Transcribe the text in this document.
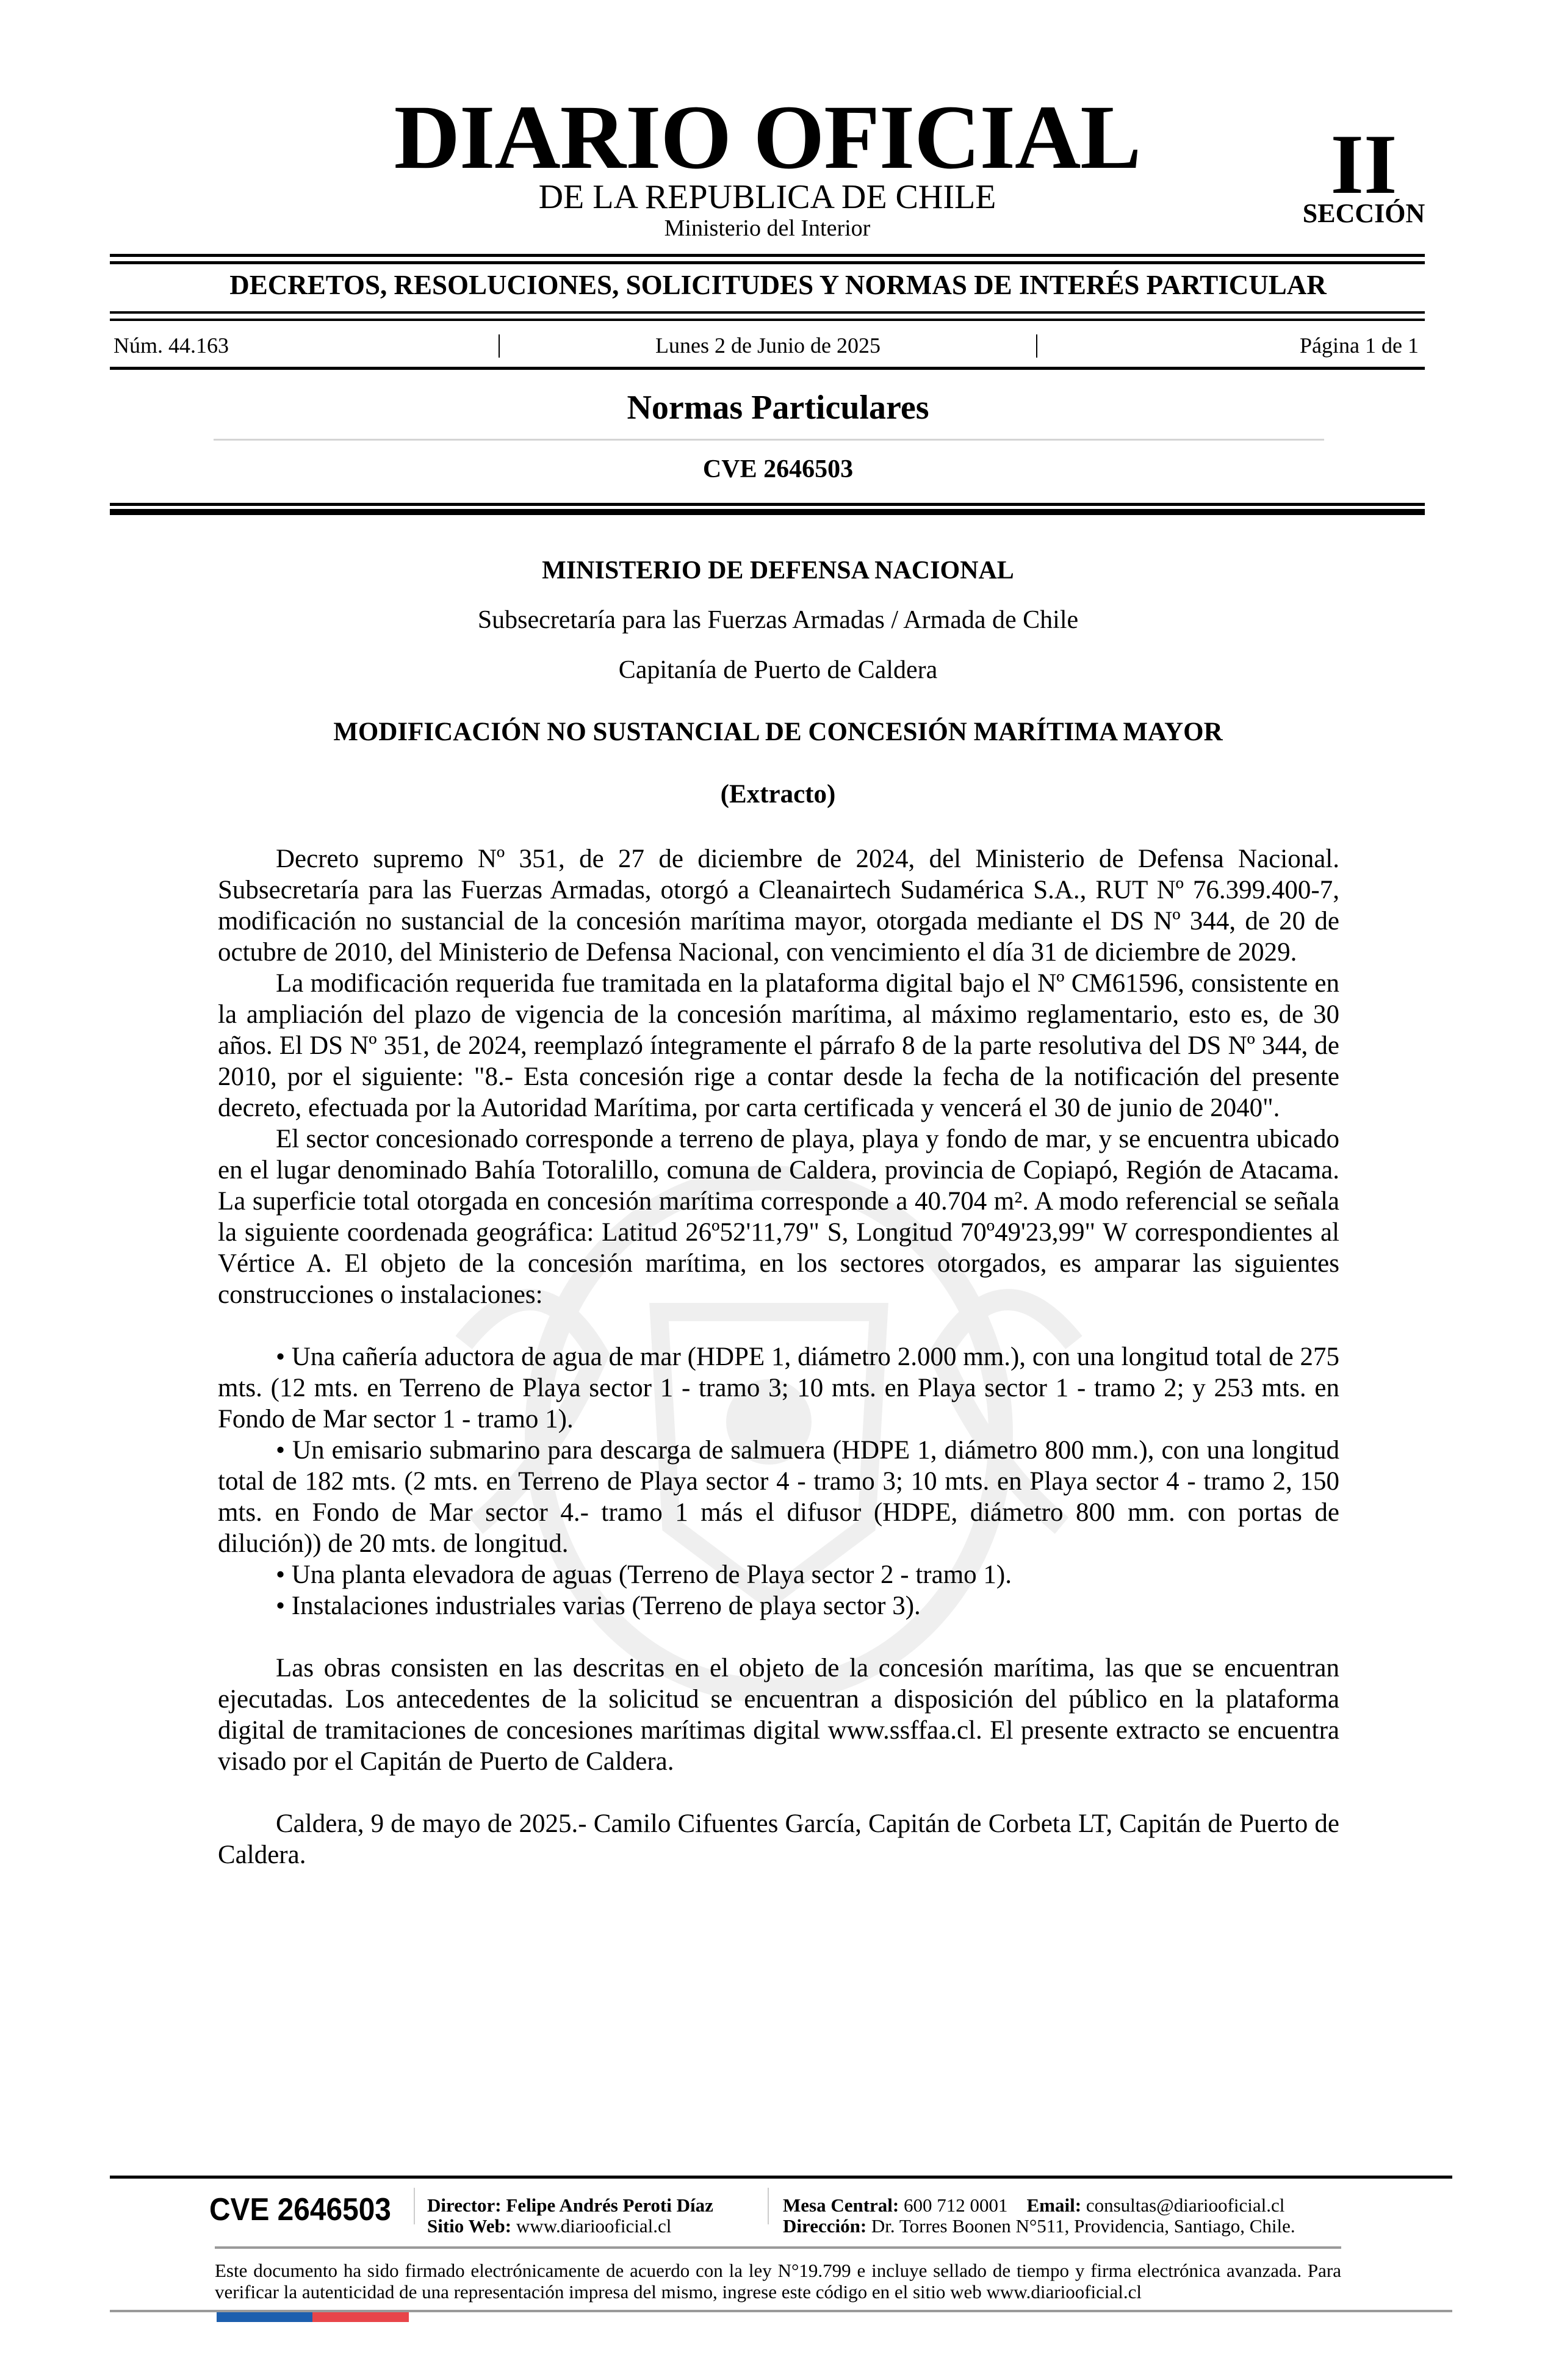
DIARIO OFICIAL
DE LA REPUBLICA DE CHILE
Ministerio del Interior
II
SECCIÓN
DECRETOS, RESOLUCIONES, SOLICITUDES Y NORMAS DE INTERÉS PARTICULAR
Núm. 44.163	Lunes 2 de Junio de 2025	Página 1 de 1
Normas Particulares
CVE 2646503
MINISTERIO DE DEFENSA NACIONAL
Subsecretaría para las Fuerzas Armadas / Armada de Chile
Capitanía de Puerto de Caldera
MODIFICACIÓN NO SUSTANCIAL DE CONCESIÓN MARÍTIMA MAYOR
(Extracto)

Decreto supremo Nº 351, de 27 de diciembre de 2024, del Ministerio de Defensa Nacional. Subsecretaría para las Fuerzas Armadas, otorgó a Cleanairtech Sudamérica S.A., RUT Nº 76.399.400-7, modificación no sustancial de la concesión marítima mayor, otorgada mediante el DS Nº 344, de 20 de octubre de 2010, del Ministerio de Defensa Nacional, con vencimiento el día 31 de diciembre de 2029.

La modificación requerida fue tramitada en la plataforma digital bajo el Nº CM61596, consistente en la ampliación del plazo de vigencia de la concesión marítima, al máximo reglamentario, esto es, de 30 años. El DS Nº 351, de 2024, reemplazó íntegramente el párrafo 8 de la parte resolutiva del DS Nº 344, de 2010, por el siguiente: "8.- Esta concesión rige a contar desde la fecha de la notificación del presente decreto, efectuada por la Autoridad Marítima, por carta certificada y vencerá el 30 de junio de 2040".

El sector concesionado corresponde a terreno de playa, playa y fondo de mar, y se encuentra ubicado en el lugar denominado Bahía Totoralillo, comuna de Caldera, provincia de Copiapó, Región de Atacama. La superficie total otorgada en concesión marítima corresponde a 40.704 m². A modo referencial se señala la siguiente coordenada geográfica: Latitud 26º52'11,79" S, Longitud 70º49'23,99" W correspondientes al Vértice A. El objeto de la concesión marítima, en los sectores otorgados, es amparar las siguientes construcciones o instalaciones:

• Una cañería aductora de agua de mar (HDPE 1, diámetro 2.000 mm.), con una longitud total de 275 mts. (12 mts. en Terreno de Playa sector 1 - tramo 3; 10 mts. en Playa sector 1 - tramo 2; y 253 mts. en Fondo de Mar sector 1 - tramo 1).

• Un emisario submarino para descarga de salmuera (HDPE 1, diámetro 800 mm.), con una longitud total de 182 mts. (2 mts. en Terreno de Playa sector 4 - tramo 3; 10 mts. en Playa sector 4 - tramo 2, 150 mts. en Fondo de Mar sector 4.- tramo 1 más el difusor (HDPE, diámetro 800 mm. con portas de dilución)) de 20 mts. de longitud.

• Una planta elevadora de aguas (Terreno de Playa sector 2 - tramo 1).

• Instalaciones industriales varias (Terreno de playa sector 3).

Las obras consisten en las descritas en el objeto de la concesión marítima, las que se encuentran ejecutadas. Los antecedentes de la solicitud se encuentran a disposición del público en la plataforma digital de tramitaciones de concesiones marítimas digital www.ssffaa.cl. El presente extracto se encuentra visado por el Capitán de Puerto de Caldera.

Caldera, 9 de mayo de 2025.- Camilo Cifuentes García, Capitán de Corbeta LT, Capitán de Puerto de Caldera.

CVE 2646503 Director: Felipe Andrés Peroti Díaz
Sitio Web: www.diariooficial.cl
Mesa Central: 600 712 0001 Email: consultas@diariooficial.cl
Dirección: Dr. Torres Boonen N°511, Providencia, Santiago, Chile.
Este documento ha sido firmado electrónicamente de acuerdo con la ley N°19.799 e incluye sellado de tiempo y firma electrónica avanzada. Para verificar la autenticidad de una representación impresa del mismo, ingrese este código en el sitio web www.diariooficial.cl
